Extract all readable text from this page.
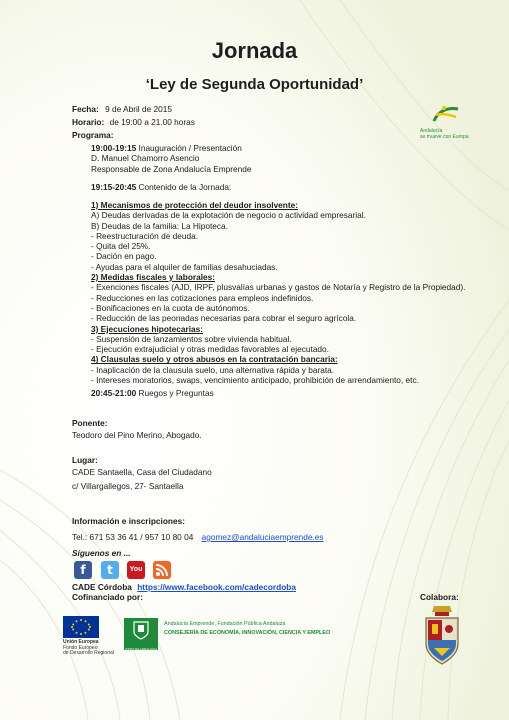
Jornada
‘Ley de Segunda Oportunidad’
Andalucía
se mueve con Europa
Fecha: 9 de Abril de 2015
Horario: de 19:00 a 21.00 horas
Programa:
19:00-19:15 Inauguración / Presentación
D. Manuel Chamorro Asencio
Responsable de Zona Andalucía Emprende
19:15-20:45 Contenido de la Jornada:
1) Mecanismos de protección del deudor insolvente:
A) Deudas derivadas de la explotación de negocio o actividad empresarial.
B) Deudas de la familia: La Hipoteca.
- Reestructuración de deuda.
- Quita del 25%.
- Dación en pago.
- Ayudas para el alquiler de familias desahuciadas.
2) Medidas fiscales y laborales:
- Exenciones fiscales (AJD, IRPF, plusvalías urbanas y gastos de Notaría y Registro de la Propiedad).
- Reducciones en las cotizaciones para empleos indefinidos.
- Bonificaciones en la cuota de autónomos.
- Reducción de las peonadas necesarias para cobrar el seguro agrícola.
3) Ejecuciones hipotecarias:
- Suspensión de lanzamientos sobre vivienda habitual.
- Ejecución extrajudicial y otras medidas favorables al ejecutado.
4) Clausulas suelo y otros abusos en la contratación bancaria:
- Inaplicación de la clausula suelo, una alternativa rápida y barata.
- Intereses moratorios, swaps, vencimiento anticipado, prohibición de arrendamiento, etc.
20:45-21:00 Ruegos y Preguntas
Ponente:
Teodoro del Pino Merino, Abogado.
Lugar:
CADE Santaella, Casa del Ciudadano
c/ Villargallegos, 27- Santaella
Información e inscripciones:
Tel.: 671 53 36 41 / 957 10 80 04 agomez@andaluciaemprende.es
Síguenos en ...
f	t	You
CADE Córdoba https://www.facebook.com/cadecordoba
Cofinanciado por:	Colabora:
Unión Europea
Fondo Europeo
de Desarrollo Regional
JUNTA DE ANDALUCIA
Andalucía Emprende, Fundación Pública Andaluza
CONSEJERÍA DE ECONOMÍA, INNOVACIÓN, CIENCIA Y EMPLEO
